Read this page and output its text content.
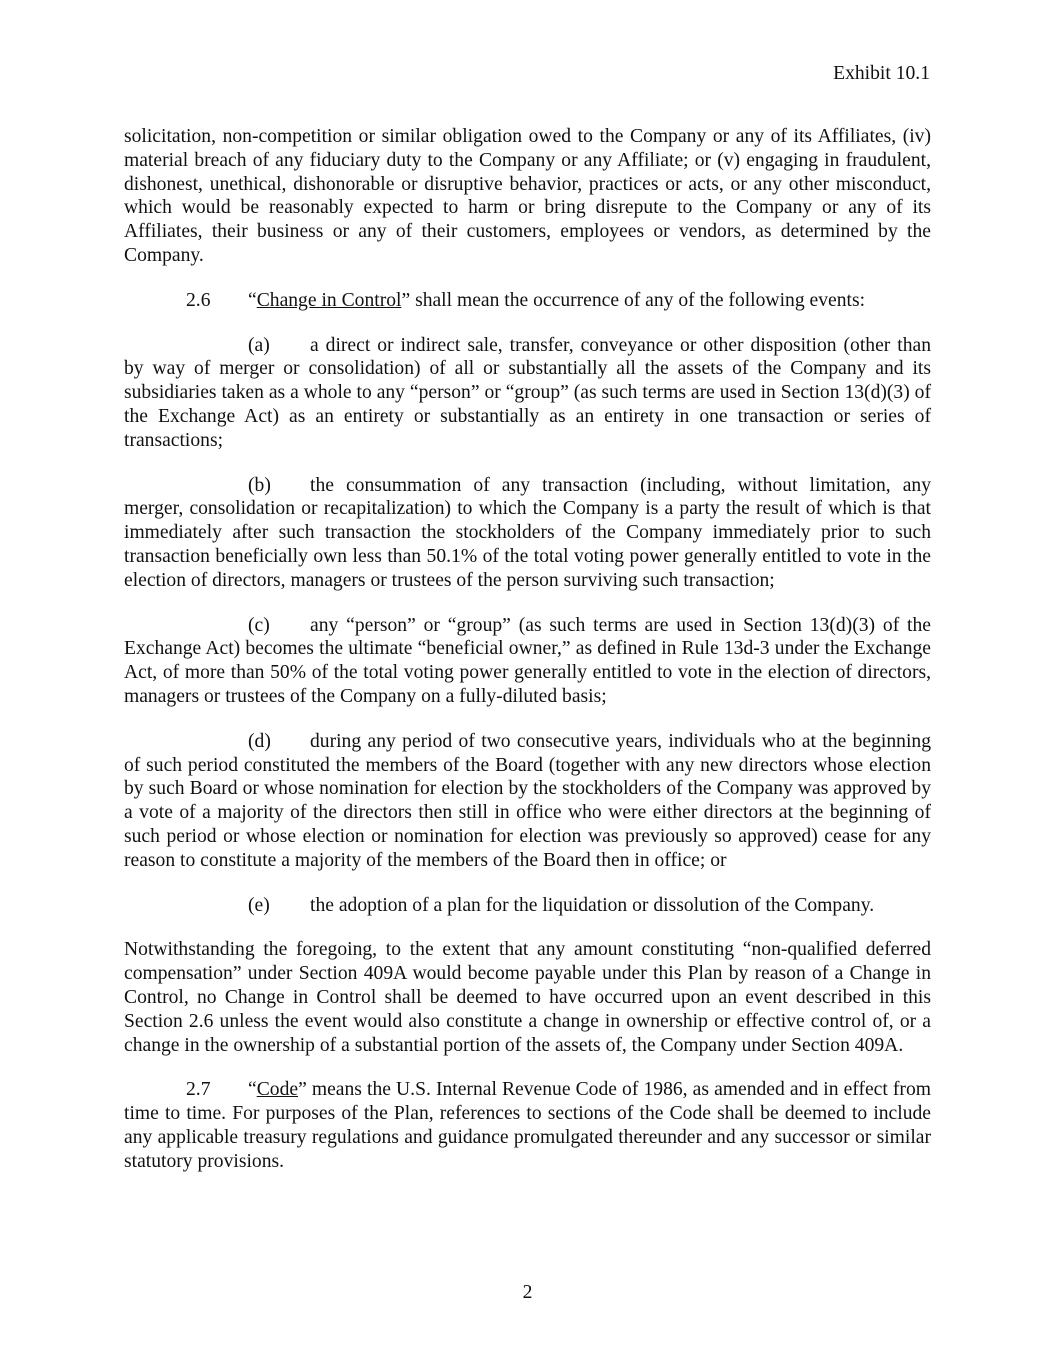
Exhibit 10.1

solicitation, non-competition or similar obligation owed to the Company or any of its Affiliates, (iv) material breach of any fiduciary duty to the Company or any Affiliate; or (v) engaging in fraudulent, dishonest, unethical, dishonorable or disruptive behavior, practices or acts, or any other misconduct, which would be reasonably expected to harm or bring disrepute to the Company or any of its Affiliates, their business or any of their customers, employees or vendors, as determined by the Company.

2.6 “Change in Control” shall mean the occurrence of any of the following events:

(a) a direct or indirect sale, transfer, conveyance or other disposition (other than by way of merger or consolidation) of all or substantially all the assets of the Company and its subsidiaries taken as a whole to any “person” or “group” (as such terms are used in Section 13(d)(3) of the Exchange Act) as an entirety or substantially as an entirety in one transaction or series of transactions;

(b) the consummation of any transaction (including, without limitation, any merger, consolidation or recapitalization) to which the Company is a party the result of which is that immediately after such transaction the stockholders of the Company immediately prior to such transaction beneficially own less than 50.1% of the total voting power generally entitled to vote in the election of directors, managers or trustees of the person surviving such transaction;

(c) any “person” or “group” (as such terms are used in Section 13(d)(3) of the Exchange Act) becomes the ultimate “beneficial owner,” as defined in Rule 13d-3 under the Exchange Act, of more than 50% of the total voting power generally entitled to vote in the election of directors, managers or trustees of the Company on a fully-diluted basis;

(d) during any period of two consecutive years, individuals who at the beginning of such period constituted the members of the Board (together with any new directors whose election by such Board or whose nomination for election by the stockholders of the Company was approved by a vote of a majority of the directors then still in office who were either directors at the beginning of such period or whose election or nomination for election was previously so approved) cease for any reason to constitute a majority of the members of the Board then in office; or

(e) the adoption of a plan for the liquidation or dissolution of the Company.

Notwithstanding the foregoing, to the extent that any amount constituting “non-qualified deferred compensation” under Section 409A would become payable under this Plan by reason of a Change in Control, no Change in Control shall be deemed to have occurred upon an event described in this Section 2.6 unless the event would also constitute a change in ownership or effective control of, or a change in the ownership of a substantial portion of the assets of, the Company under Section 409A.

2.7 “Code” means the U.S. Internal Revenue Code of 1986, as amended and in effect from time to time. For purposes of the Plan, references to sections of the Code shall be deemed to include any applicable treasury regulations and guidance promulgated thereunder and any successor or similar statutory provisions.

2
